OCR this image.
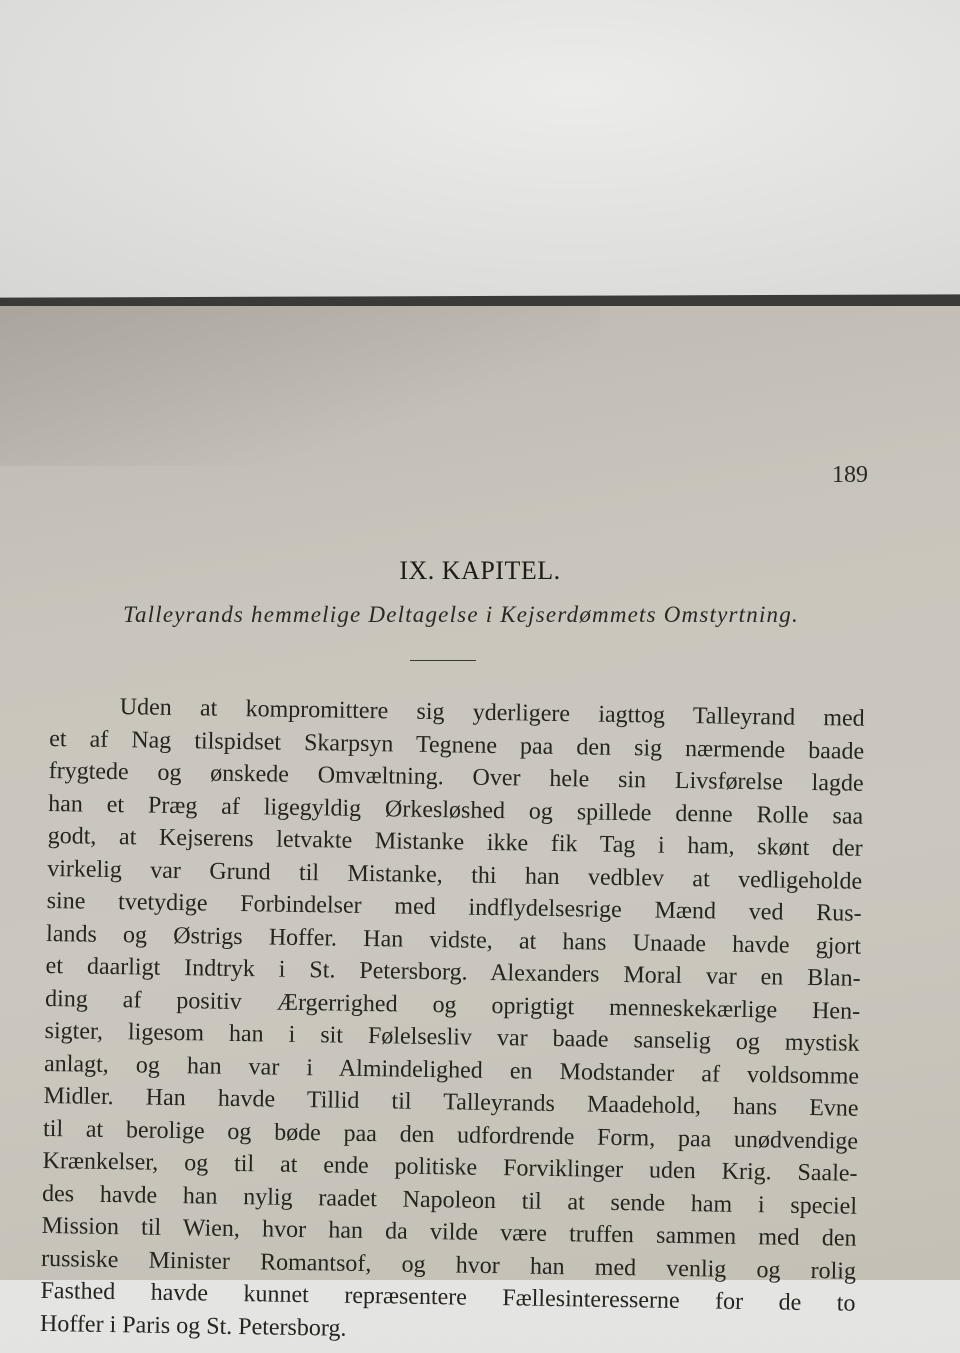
189
IX. KAPITEL.
Talleyrands hemmelige Deltagelse i Kejserdømmets Omstyrtning.
Uden at kompromittere sig yderligere iagttog Talleyrand med
et af Nag tilspidset Skarpsyn Tegnene paa den sig nærmende baade
frygtede og ønskede Omvæltning. Over hele sin Livsførelse lagde
han et Præg af ligegyldig Ørkesløshed og spillede denne Rolle saa
godt, at Kejserens letvakte Mistanke ikke fik Tag i ham, skønt der
virkelig var Grund til Mistanke, thi han vedblev at vedligeholde
sine tvetydige Forbindelser med indflydelsesrige Mænd ved Rus-
lands og Østrigs Hoffer. Han vidste, at hans Unaade havde gjort
et daarligt Indtryk i St. Petersborg. Alexanders Moral var en Blan-
ding af positiv Ærgerrighed og oprigtigt menneskekærlige Hen-
sigter, ligesom han i sit Følelsesliv var baade sanselig og mystisk
anlagt, og han var i Almindelighed en Modstander af voldsomme
Midler. Han havde Tillid til Talleyrands Maadehold, hans Evne
til at berolige og bøde paa den udfordrende Form, paa unødvendige
Krænkelser, og til at ende politiske Forviklinger uden Krig. Saale-
des havde han nylig raadet Napoleon til at sende ham i speciel
Mission til Wien, hvor han da vilde være truffen sammen med den
russiske Minister Romantsof, og hvor han med venlig og rolig
Fasthed havde kunnet repræsentere Fællesinteresserne for de to
Hoffer i Paris og St. Petersborg.
